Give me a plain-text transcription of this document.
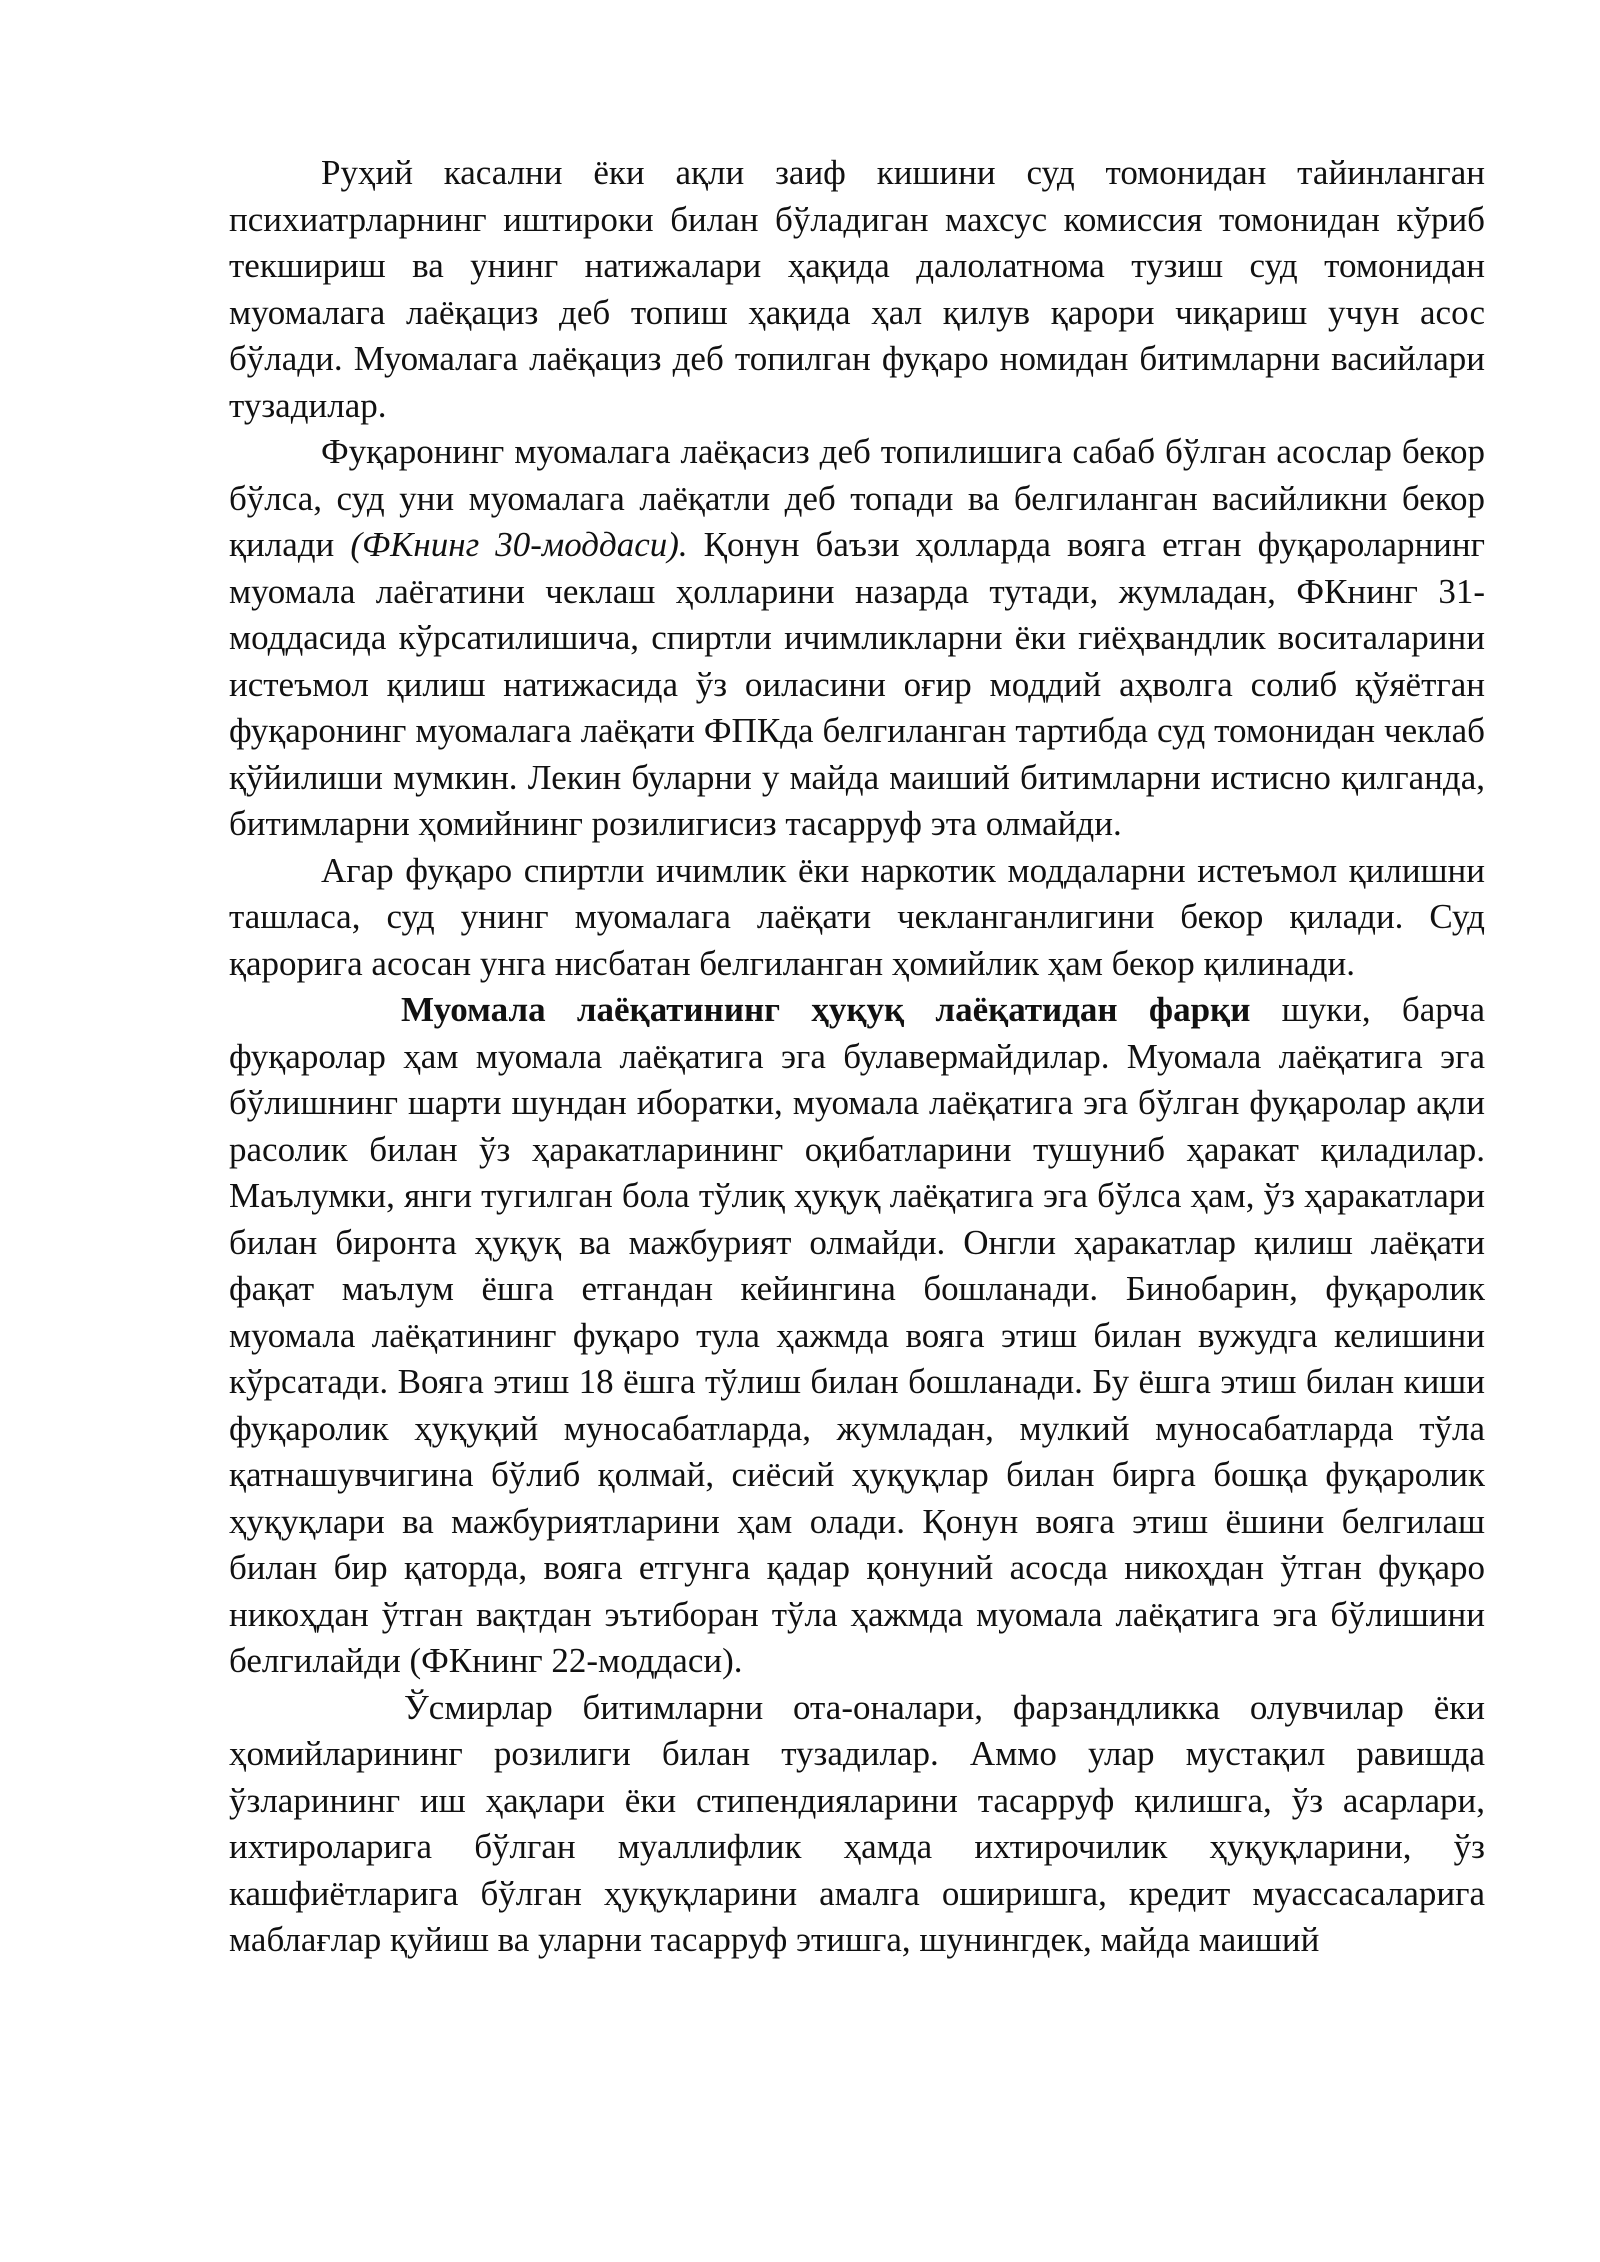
Руҳий касални ёки ақли заиф кишини суд томонидан тайинланган психиатрларнинг иштироки билан бўладиган махсус комиссия томонидан кўриб текшириш ва унинг натижалари ҳақида далолатнома тузиш суд томонидан муомалага лаёқациз деб топиш ҳақида ҳал қилув қарори чиқариш учун асос бўлади. Муомалага лаёқациз деб топилган фуқаро номидан битимларни васийлари тузадилар.

Фуқаронинг муомалага лаёқасиз деб топилишига сабаб бўлган асослар бекор бўлса, суд уни муомалага лаёқатли деб топади ва белгиланган васийликни бекор қилади (ФКнинг 30-моддаси). Қонун баъзи ҳолларда вояга етган фуқароларнинг муомала лаёгатини чеклаш ҳолларини назарда тутади, жумладан, ФКнинг 31-моддасида кўрсатилишича, спиртли ичимликларни ёки гиёҳвандлик воситаларини истеъмол қилиш натижасида ўз оиласини оғир моддий аҳволга солиб қўяётган фуқаронинг муомалага лаёқати ФПКда белгиланган тартибда суд томонидан чеклаб қўйилиши мумкин. Лекин буларни у майда маиший битимларни истисно қилганда, битимларни ҳомийнинг розилигисиз тасарруф эта олмайди.

Агар фуқаро спиртли ичимлик ёки наркотик моддаларни истеъмол қилишни ташласа, суд унинг муомалага лаёқати чекланганлигини бекор қилади. Суд қарорига асосан унга нисбатан белгиланган ҳомийлик ҳам бекор қилинади.

Муомала лаёқатининг ҳуқуқ лаёқатидан фарқи шуки, барча фуқаролар ҳам муомала лаёқатига эга булавермайдилар. Муомала лаёқатига эга бўлишнинг шарти шундан иборатки, муомала лаёқатига эга бўлган фуқаролар ақли расолик билан ўз ҳаракатларининг оқибатларини тушуниб ҳаракат қиладилар. Маълумки, янги тугилган бола тўлиқ ҳуқуқ лаёқатига эга бўлса ҳам, ўз ҳаракатлари билан биронта ҳуқуқ ва мажбурият олмайди. Онгли ҳаракатлар қилиш лаёқати фақат маълум ёшга етгандан кейингина бошланади. Бинобарин, фуқаролик муомала лаёқатининг фуқаро тула ҳажмда вояга этиш билан вужудга келишини кўрсатади. Вояга этиш 18 ёшга тўлиш билан бошланади. Бу ёшга этиш билан киши фуқаролик ҳуқуқий муносабатларда, жумладан, мулкий муносабатларда тўла қатнашувчигина бўлиб қолмай, сиёсий ҳуқуқлар билан бирга бошқа фуқаролик ҳуқуқлари ва мажбуриятларини ҳам олади. Қонун вояга этиш ёшини белгилаш билан бир қаторда, вояга етгунга қадар қонуний асосда никоҳдан ўтган фуқаро никоҳдан ўтган вақтдан эътиборан тўла ҳажмда муомала лаёқатига эга бўлишини белгилайди (ФКнинг 22-моддаси).

Ўсмирлар битимларни ота-оналари, фарзандликка олувчилар ёки ҳомийларининг розилиги билан тузадилар. Аммо улар мустақил равишда ўзларининг иш ҳақлари ёки стипендияларини тасарруф қилишга, ўз асарлари, ихтироларига бўлган муаллифлик ҳамда ихтирочилик ҳуқуқларини, ўз кашфиётларига бўлган ҳуқуқларини амалга оширишга, кредит муассасаларига маблағлар қуйиш ва уларни тасарруф этишга, шунингдек, майда маиший
